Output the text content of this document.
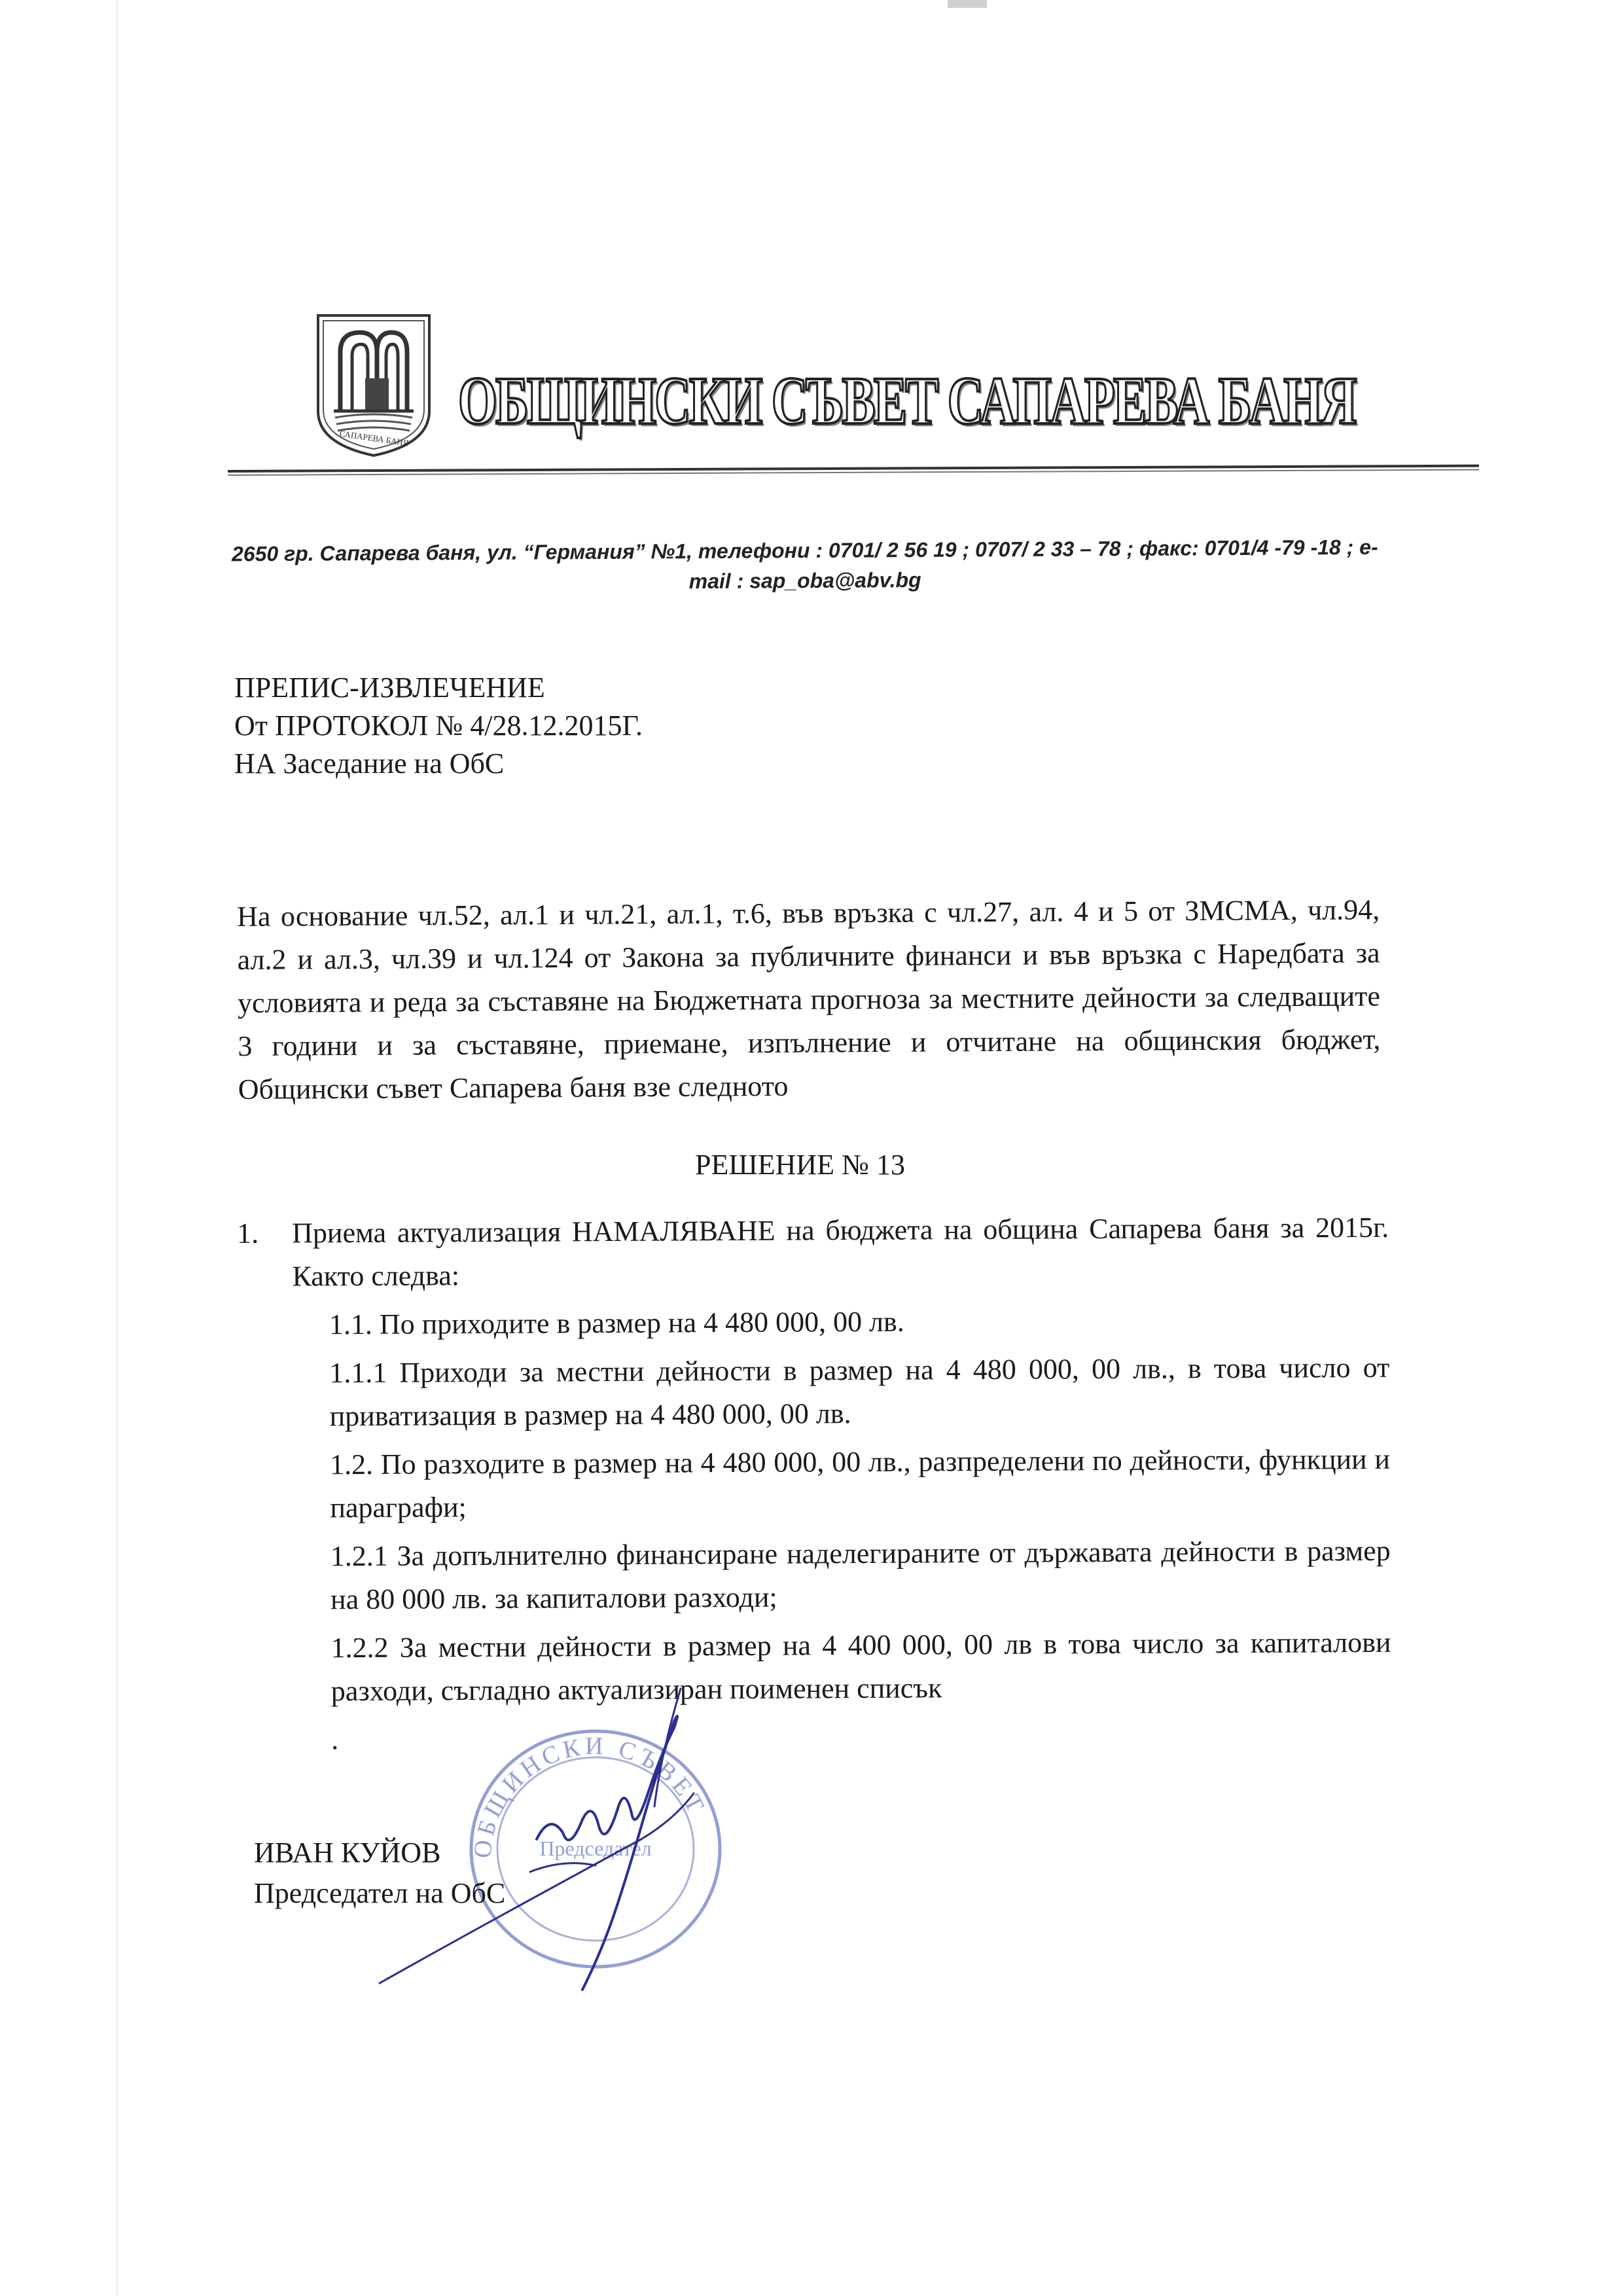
САПАРЕВА БАНЯ ОБЩИНСКИ СЪВЕТ САПАРЕВА БАНЯ
2650 гр. Сапарева баня, ул. “Германия” №1, телефони : 0701/ 2 56 19 ; 0707/ 2 33 – 78 ; факс: 0701/4 -79 -18 ; е-
mail : sap_oba@abv.bg
ПРЕПИС-ИЗВЛЕЧЕНИЕ
От ПРОТОКОЛ № 4/28.12.2015Г.
НА Заседание на ОбС
На основание чл.52, ал.1 и чл.21, ал.1, т.6, във връзка с чл.27, ал. 4 и 5 от ЗМСМА, чл.94, ал.2 и ал.3, чл.39 и чл.124 от Закона за публичните финанси и във връзка с Наредбата за условията и реда за съставяне на Бюджетната прогноза за местните дейности за следващите 3 години и за съставяне, приемане, изпълнение и отчитане на общинския бюджет, Общински съвет Сапарева баня взе следното
РЕШЕНИЕ № 13
1.	Приема актуализация НАМАЛЯВАНЕ на бюджета на община Сапарева баня за 2015г. Както следва:
1.1. По приходите в размер на 4 480 000, 00 лв.
1.1.1 Приходи за местни дейности в размер на 4 480 000, 00 лв., в това число от приватизация в размер на 4 480 000, 00 лв.
1.2. По разходите в размер на 4 480 000, 00 лв., разпределени по дейности, функции и параграфи;
1.2.1 За допълнително финансиране наделегираните от държавата дейности в размер на 80 000 лв. за капиталови разходи;
1.2.2 За местни дейности в размер на 4 400 000, 00 лв в това число за капиталови разходи, съгладно актуализиран поименен списък
.
ОБЩИНСКИ СЪВЕТ
Председател
ИВАН КУЙОВ
Председател на ОбС
